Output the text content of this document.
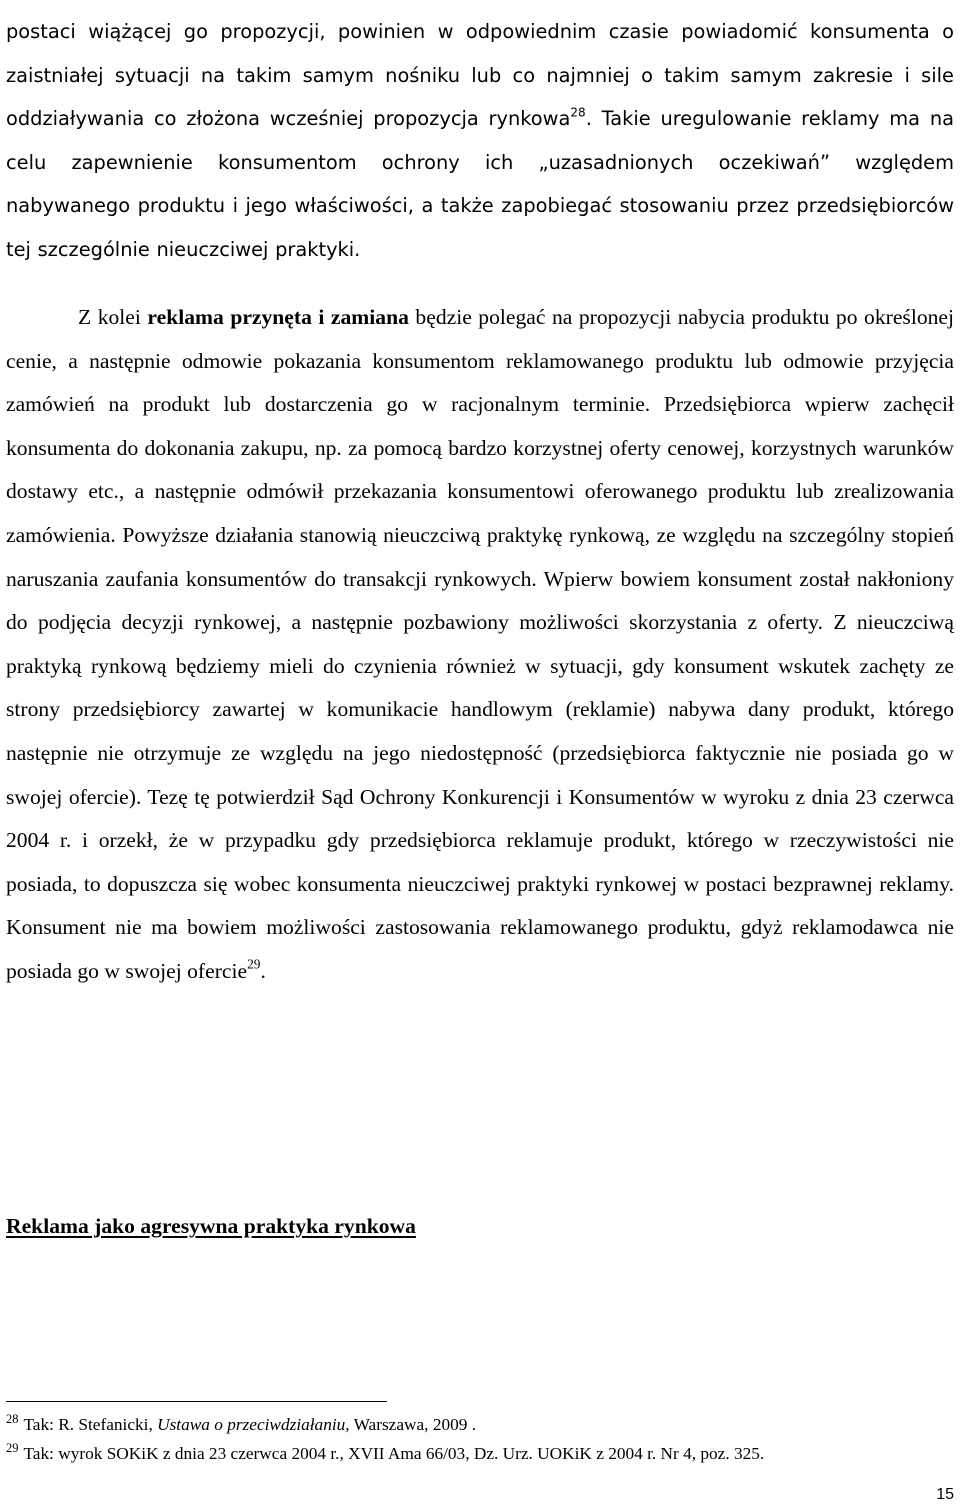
postaci wiążącej go propozycji, powinien w odpowiednim czasie powiadomić konsumenta o zaistniałej sytuacji na takim samym nośniku lub co najmniej o takim samym zakresie i sile oddziaływania co złożona wcześniej propozycja rynkowa$^{28}$. Takie uregulowanie reklamy ma na celu zapewnienie konsumentom ochrony ich „uzasadnionych oczekiwań” względem nabywanego produktu i jego właściwości, a także zapobiegać stosowaniu przez przedsiębiorców tej szczególnie nieuczciwej praktyki.

Z kolei reklama przynęta i zamiana będzie polegać na propozycji nabycia produktu po określonej cenie, a następnie odmowie pokazania konsumentom reklamowanego produktu lub odmowie przyjęcia zamówień na produkt lub dostarczenia go w racjonalnym terminie. Przedsiębiorca wpierw zachęcił konsumenta do dokonania zakupu, np. za pomocą bardzo korzystnej oferty cenowej, korzystnych warunków dostawy etc., a następnie odmówił przekazania konsumentowi oferowanego produktu lub zrealizowania zamówienia. Powyższe działania stanowią nieuczciwą praktykę rynkową, ze względu na szczególny stopień naruszania zaufania konsumentów do transakcji rynkowych. Wpierw bowiem konsument został nakłoniony do podjęcia decyzji rynkowej, a następnie pozbawiony możliwości skorzystania z oferty. Z nieuczciwą praktyką rynkową będziemy mieli do czynienia również w sytuacji, gdy konsument wskutek zachęty ze strony przedsiębiorcy zawartej w komunikacie handlowym (reklamie) nabywa dany produkt, którego następnie nie otrzymuje ze względu na jego niedostępność (przedsiębiorca faktycznie nie posiada go w swojej ofercie). Tezę tę potwierdził Sąd Ochrony Konkurencji i Konsumentów w wyroku z dnia 23 czerwca 2004 r. i orzekł, że w przypadku gdy przedsiębiorca reklamuje produkt, którego w rzeczywistości nie posiada, to dopuszcza się wobec konsumenta nieuczciwej praktyki rynkowej w postaci bezprawnej reklamy. Konsument nie ma bowiem możliwości zastosowania reklamowanego produktu, gdyż reklamodawca nie posiada go w swojej ofercie$^{29}$.

Reklama jako agresywna praktyka rynkowa

$^{28}$ Tak: R. Stefanicki, Ustawa o przeciwdziałaniu, Warszawa, 2009 .

$^{29}$ Tak: wyrok SOKiK z dnia 23 czerwca 2004 r., XVII Ama 66/03, Dz. Urz. UOKiK z 2004 r. Nr 4, poz. 325.

15
